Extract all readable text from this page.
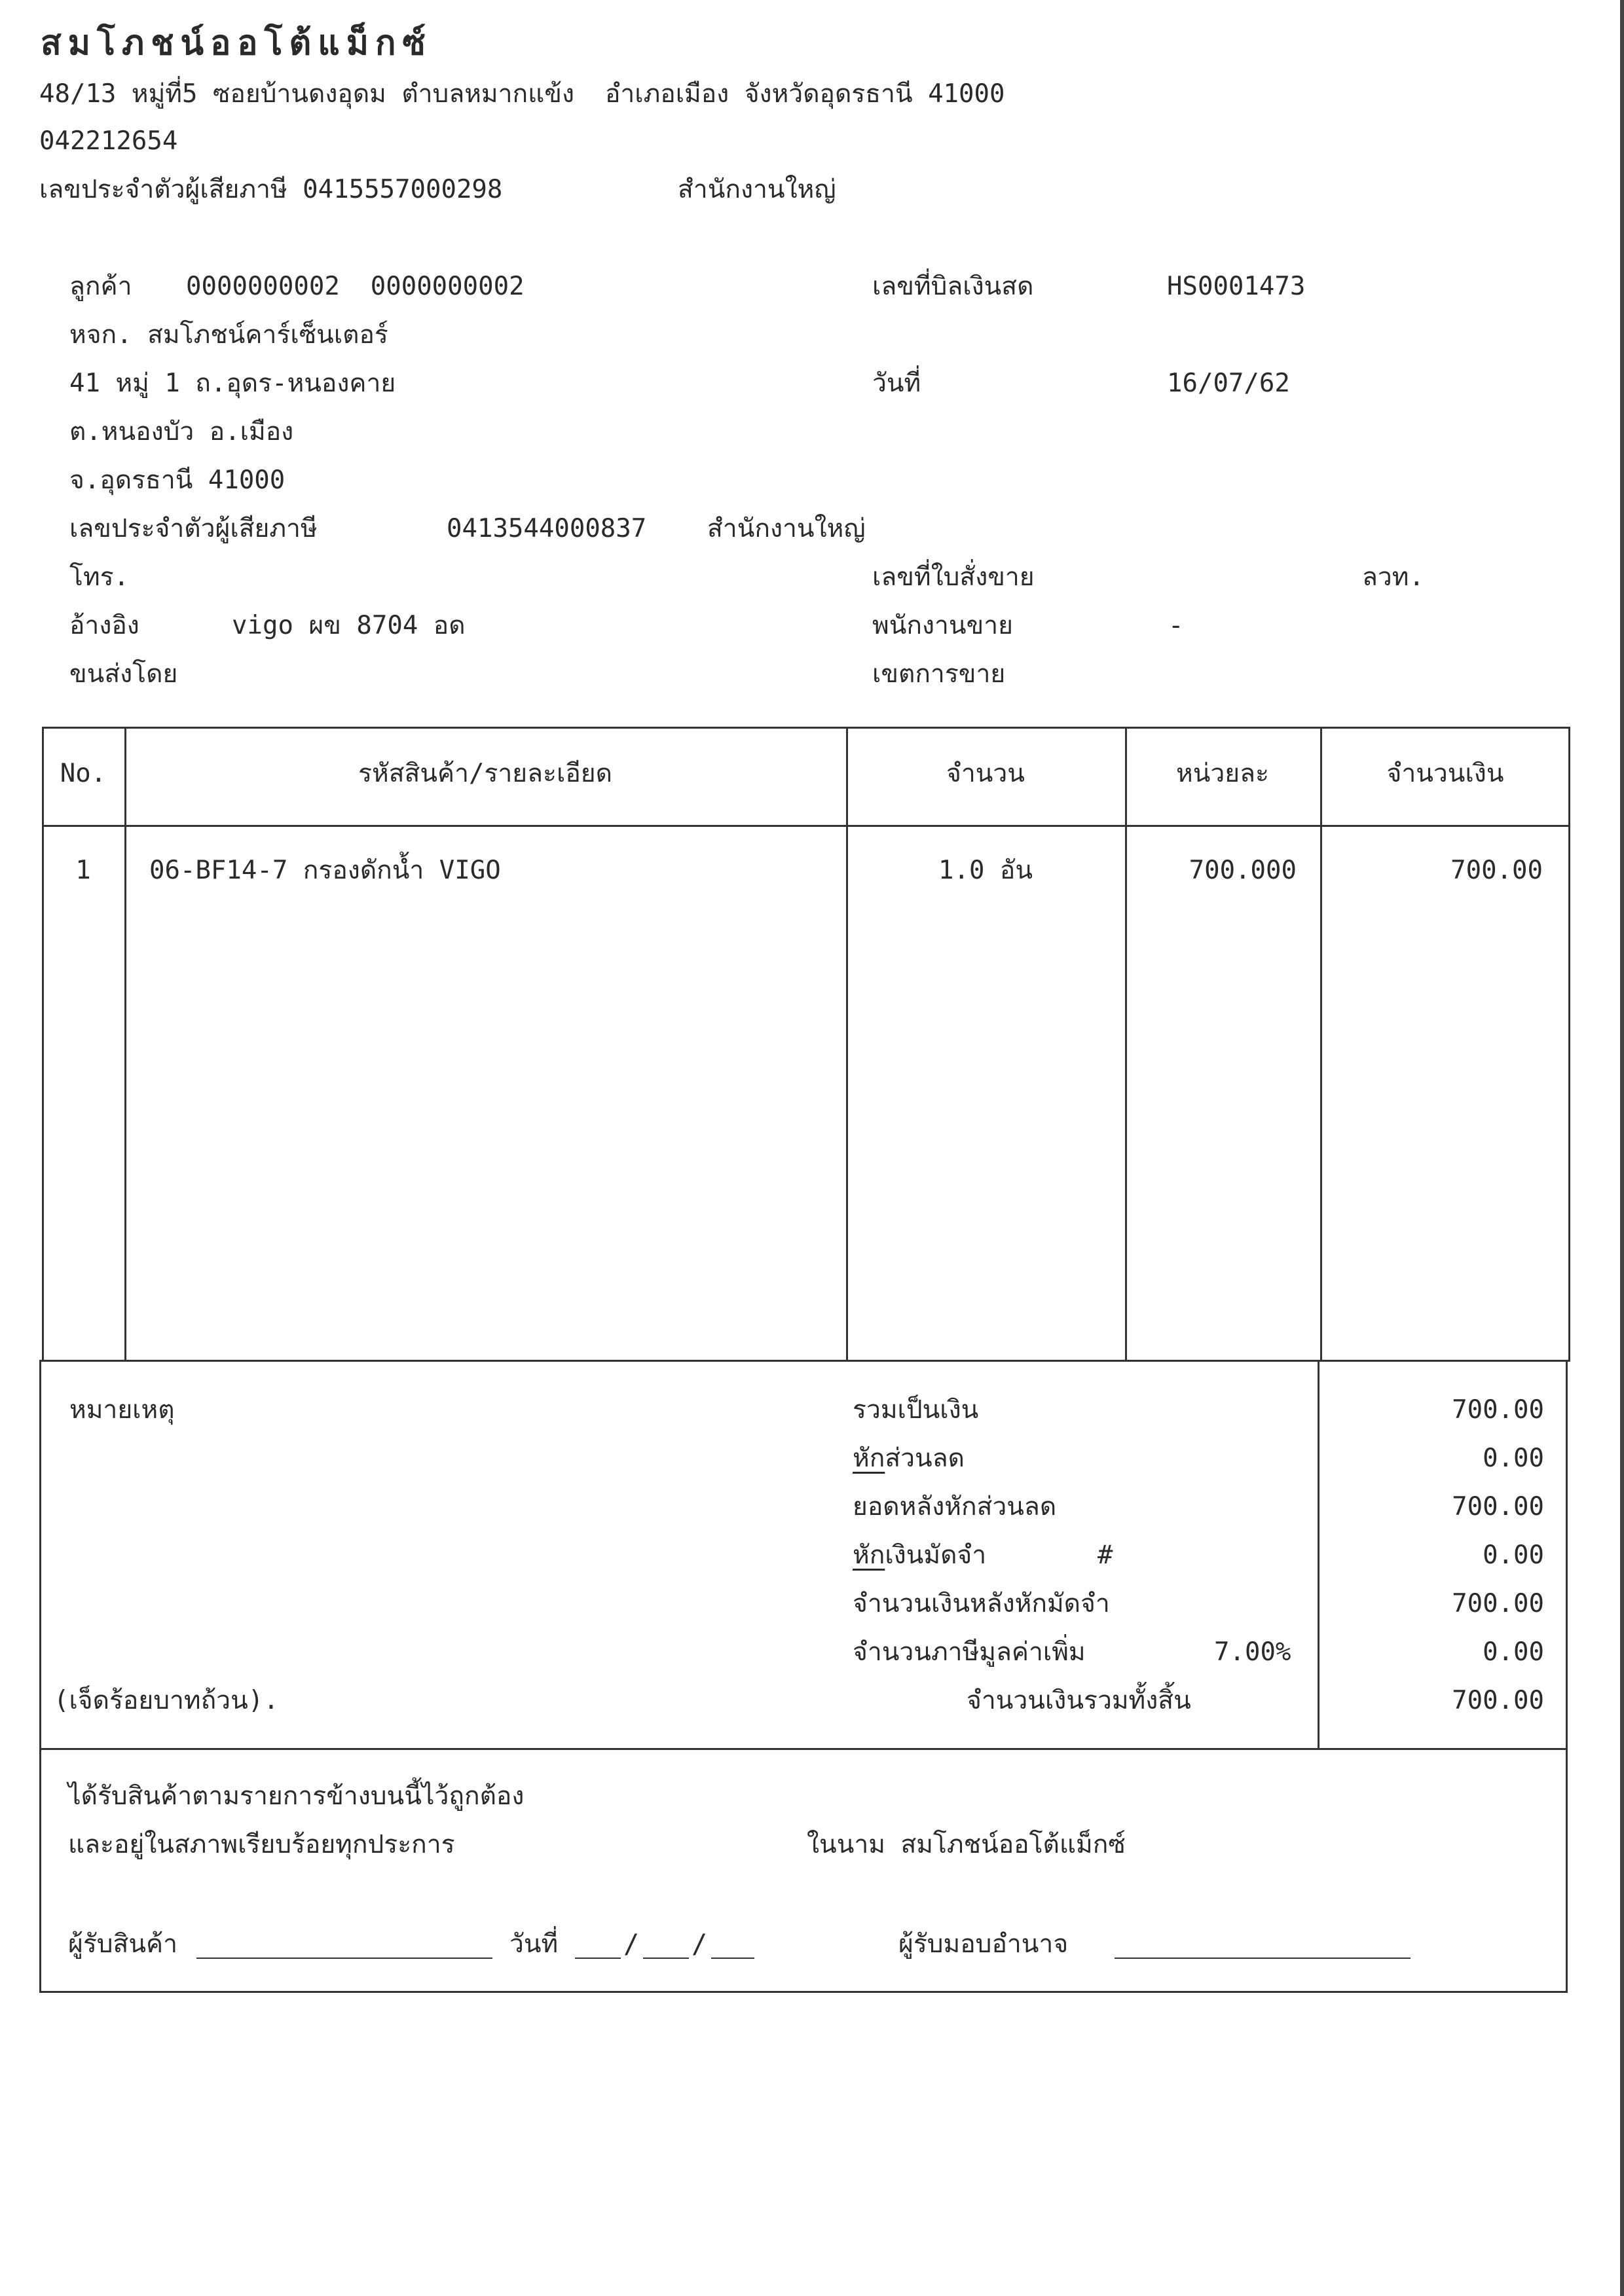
สมโภชน์ออโต้แม็กซ์
48/13 หมู่ที่5 ซอยบ้านดงอุดม ตำบลหมากแข้ง  อำเภอเมือง จังหวัดอุดรธานี 41000
042212654
เลขประจำตัวผู้เสียภาษี 0415557000298	สำนักงานใหญ่
ลูกค้า 0000000002  0000000002
หจก. สมโภชน์คาร์เซ็นเตอร์
41 หมู่ 1 ถ.อุดร-หนองคาย
ต.หนองบัว อ.เมือง
จ.อุดรธานี 41000
เลขประจำตัวผู้เสียภาษี	0413544000837 สำนักงานใหญ่
โทร.
อ้างอิง	vigo ผข 8704 อด
ขนส่งโดย
เลขที่บิลเงินสด	HS0001473
วันที่	16/07/62
เลขที่ใบสั่งขาย	ลวท.
พนักงานขาย	-
เขตการขาย
No.	รหัสสินค้า/รายละเอียด	จำนวน	หน่วยละ	จำนวนเงิน
1	06-BF14-7 กรองดักน้ำ VIGO	1.0 อัน	700.000	700.00
หมายเหตุ
(เจ็ดร้อยบาทถ้วน).
รวมเป็นเงิน	700.00
หักส่วนลด	0.00
ยอดหลังหักส่วนลด	700.00
หักเงินมัดจำ	#	0.00
จำนวนเงินหลังหักมัดจำ	700.00
จำนวนภาษีมูลค่าเพิ่ม	7.00%	0.00
จำนวนเงินรวมทั้งสิ้น	700.00
ได้รับสินค้าตามรายการข้างบนนี้ไว้ถูกต้อง
และอยู่ในสภาพเรียบร้อยทุกประการ	ในนาม สมโภชน์ออโต้แม็กซ์
ผู้รับสินค้า	วันที่ / /	ผู้รับมอบอำนาจ
